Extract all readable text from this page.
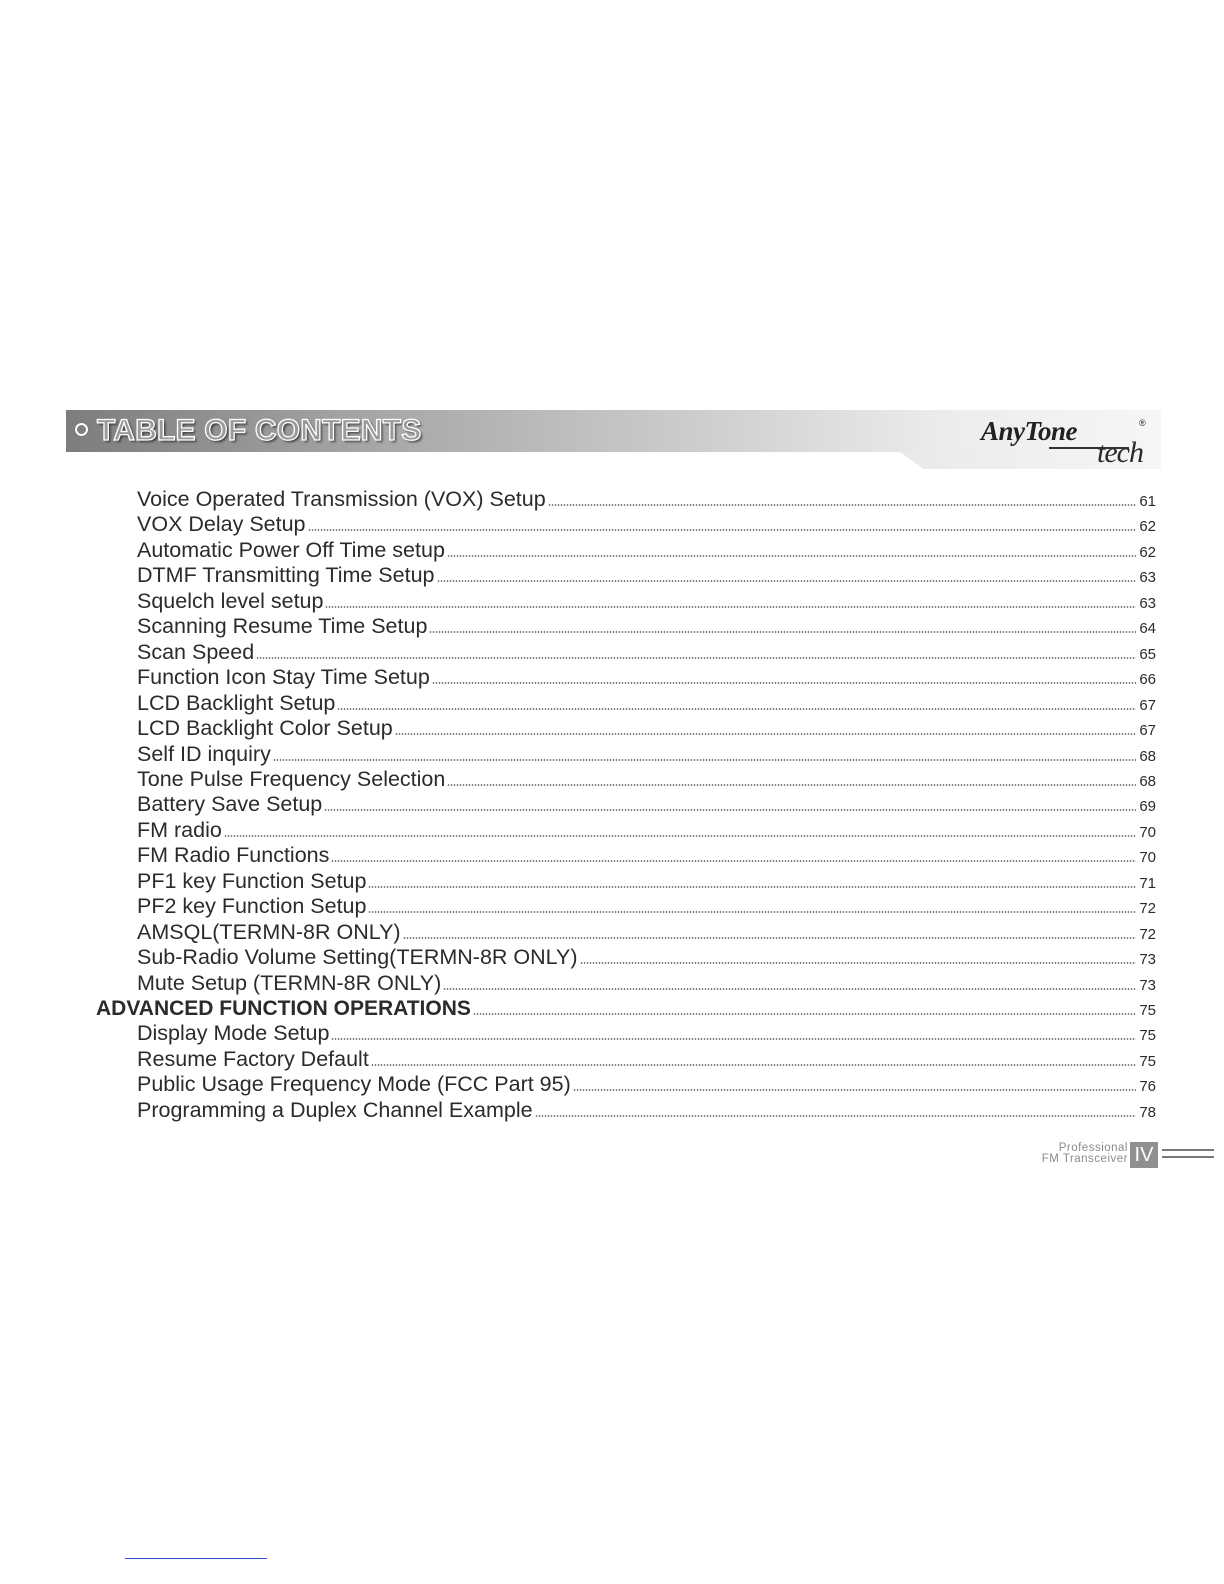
TABLE OF CONTENTS	AnyTone	®
tech
Voice Operated Transmission (VOX) Setup	61
VOX Delay Setup	62
Automatic Power Off Time setup	62
DTMF Transmitting Time Setup	63
Squelch level setup	63
Scanning Resume Time Setup	64
Scan Speed	65
Function Icon Stay Time Setup	66
LCD Backlight Setup	67
LCD Backlight Color Setup	67
Self ID inquiry	68
Tone Pulse Frequency Selection	68
Battery Save Setup	69
FM radio	70
FM Radio Functions	70
PF1 key Function Setup	71
PF2 key Function Setup	72
AMSQL(TERMN-8R ONLY)	72
Sub-Radio Volume Setting(TERMN-8R ONLY)	73
Mute Setup (TERMN-8R ONLY)	73
ADVANCED FUNCTION OPERATIONS	75
Display Mode Setup	75
Resume Factory Default	75
Public Usage Frequency Mode (FCC Part 95)	76
Programming a Duplex Channel Example	78
Professional
FM Transceiver IV
